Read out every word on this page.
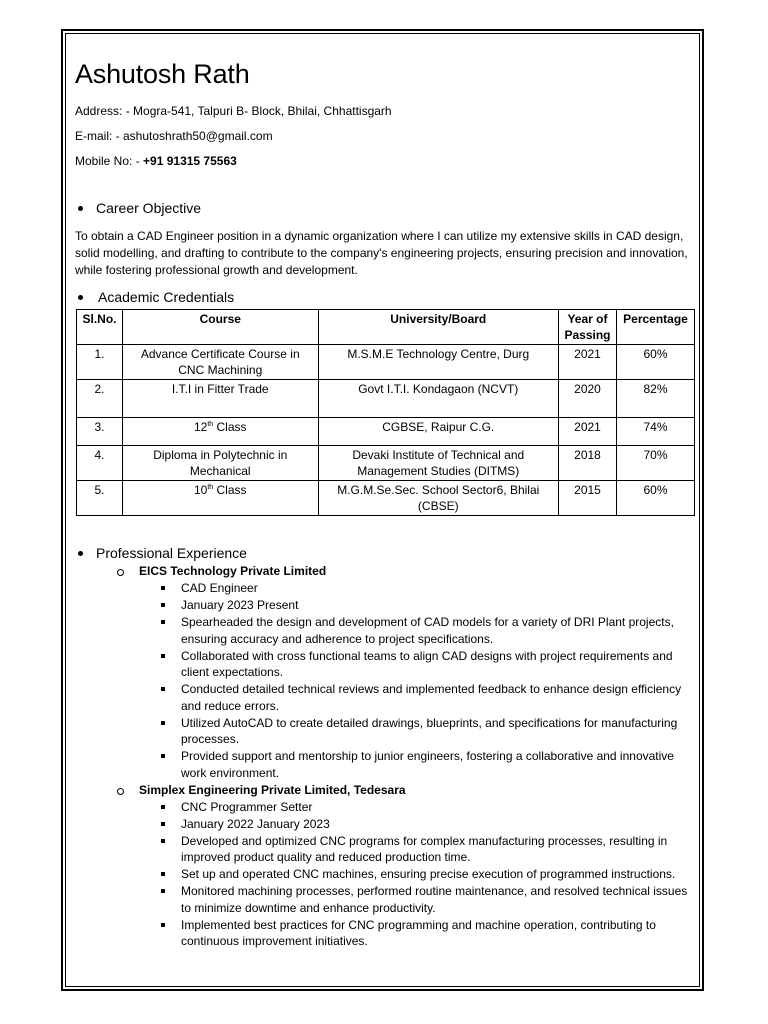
Ashutosh Rath
Address: - Mogra-541, Talpuri B- Block, Bhilai, Chhattisgarh
E-mail: - ashutoshrath50@gmail.com
Mobile No: - +91 91315 75563
Career Objective

To obtain a CAD Engineer position in a dynamic organization where I can utilize my extensive skills in CAD design, solid modelling, and drafting to contribute to the company's engineering projects, ensuring precision and innovation, while fostering professional growth and development.

Academic Credentials
Sl.No.	Course	University/Board	Year of Passing	Percentage
1.	Advance Certificate Course in CNC Machining	M.S.M.E Technology Centre, Durg	2021	60%
2.	I.T.I in Fitter Trade	Govt I.T.I. Kondagaon (NCVT)	2020	82%
3.	12th Class	CGBSE, Raipur C.G.	2021	74%
4.	Diploma in Polytechnic in Mechanical	Devaki Institute of Technical and Management Studies (DITMS)	2018	70%
5.	10th Class	M.G.M.Se.Sec. School Sector6, Bhilai (CBSE)	2015	60%
Professional Experience
EICS Technology Private Limited
CAD Engineer
January 2023 Present
Spearheaded the design and development of CAD models for a variety of DRI Plant projects, ensuring accuracy and adherence to project specifications.
Collaborated with cross functional teams to align CAD designs with project requirements and client expectations.
Conducted detailed technical reviews and implemented feedback to enhance design efficiency and reduce errors.
Utilized AutoCAD to create detailed drawings, blueprints, and specifications for manufacturing processes.
Provided support and mentorship to junior engineers, fostering a collaborative and innovative work environment.
Simplex Engineering Private Limited, Tedesara
CNC Programmer Setter
January 2022 January 2023
Developed and optimized CNC programs for complex manufacturing processes, resulting in improved product quality and reduced production time.
Set up and operated CNC machines, ensuring precise execution of programmed instructions.
Monitored machining processes, performed routine maintenance, and resolved technical issues to minimize downtime and enhance productivity.
Implemented best practices for CNC programming and machine operation, contributing to continuous improvement initiatives.
